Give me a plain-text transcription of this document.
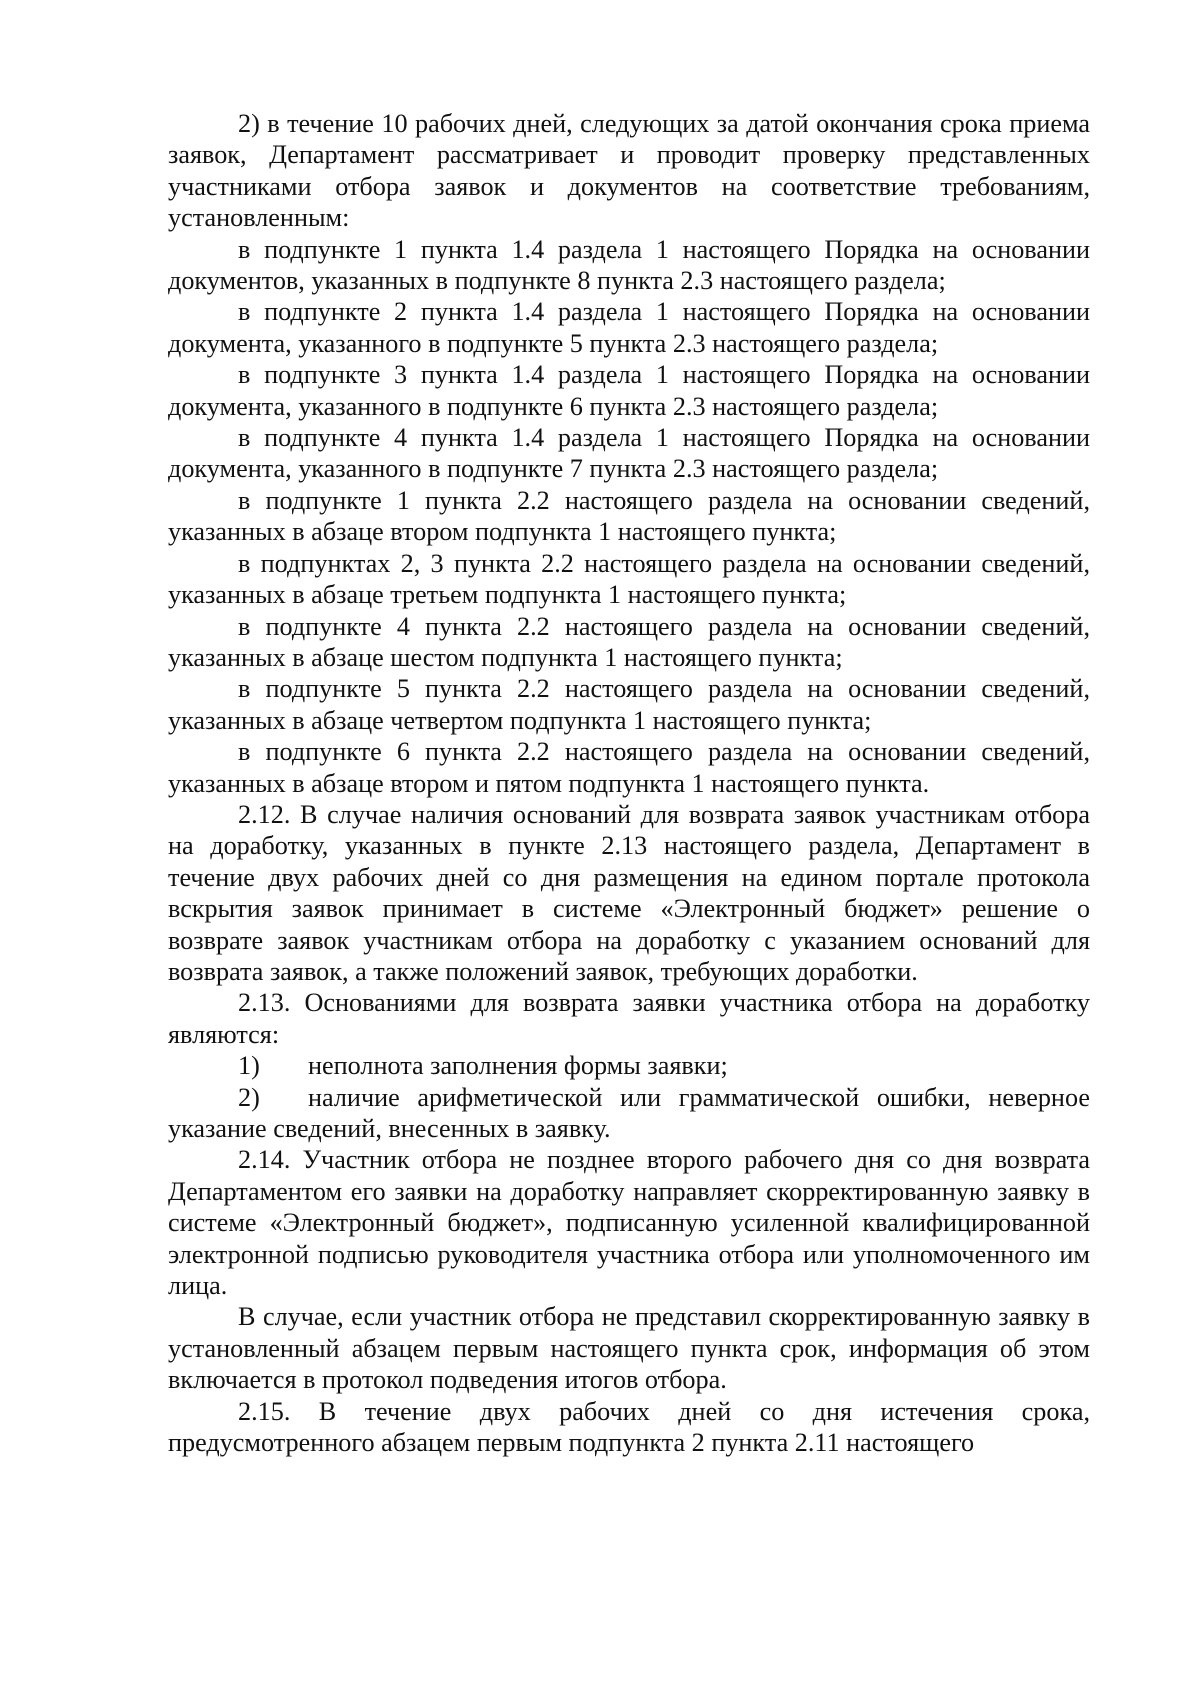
2) в течение 10 рабочих дней, следующих за датой окончания срока приема заявок, Департамент рассматривает и проводит проверку представленных участниками отбора заявок и документов на соответствие требованиям, установленным:

в подпункте 1 пункта 1.4 раздела 1 настоящего Порядка на основании документов, указанных в подпункте 8 пункта 2.3 настоящего раздела;

в подпункте 2 пункта 1.4 раздела 1 настоящего Порядка на основании документа, указанного в подпункте 5 пункта 2.3 настоящего раздела;

в подпункте 3 пункта 1.4 раздела 1 настоящего Порядка на основании документа, указанного в подпункте 6 пункта 2.3 настоящего раздела;

в подпункте 4 пункта 1.4 раздела 1 настоящего Порядка на основании документа, указанного в подпункте 7 пункта 2.3 настоящего раздела;

в подпункте 1 пункта 2.2 настоящего раздела на основании сведений, указанных в абзаце втором подпункта 1 настоящего пункта;

в подпунктах 2, 3 пункта 2.2 настоящего раздела на основании сведений, указанных в абзаце третьем подпункта 1 настоящего пункта;

в подпункте 4 пункта 2.2 настоящего раздела на основании сведений, указанных в абзаце шестом подпункта 1 настоящего пункта;

в подпункте 5 пункта 2.2 настоящего раздела на основании сведений, указанных в абзаце четвертом подпункта 1 настоящего пункта;

в подпункте 6 пункта 2.2 настоящего раздела на основании сведений, указанных в абзаце втором и пятом подпункта 1 настоящего пункта.

2.12. В случае наличия оснований для возврата заявок участникам отбора на доработку, указанных в пункте 2.13 настоящего раздела, Департамент в течение двух рабочих дней со дня размещения на едином портале протокола вскрытия заявок принимает в системе «Электронный бюджет» решение о возврате заявок участникам отбора на доработку с указанием оснований для возврата заявок, а также положений заявок, требующих доработки.

2.13. Основаниями для возврата заявки участника отбора на доработку являются:

1) неполнота заполнения формы заявки;

2) наличие арифметической или грамматической ошибки, неверное указание сведений, внесенных в заявку.

2.14. Участник отбора не позднее второго рабочего дня со дня возврата Департаментом его заявки на доработку направляет скорректированную заявку в системе «Электронный бюджет», подписанную усиленной квалифицированной электронной подписью руководителя участника отбора или уполномоченного им лица.

В случае, если участник отбора не представил скорректированную заявку в установленный абзацем первым настоящего пункта срок, информация об этом включается в протокол подведения итогов отбора.

2.15. В течение двух рабочих дней со дня истечения срока, предусмотренного абзацем первым подпункта 2 пункта 2.11 настоящего
